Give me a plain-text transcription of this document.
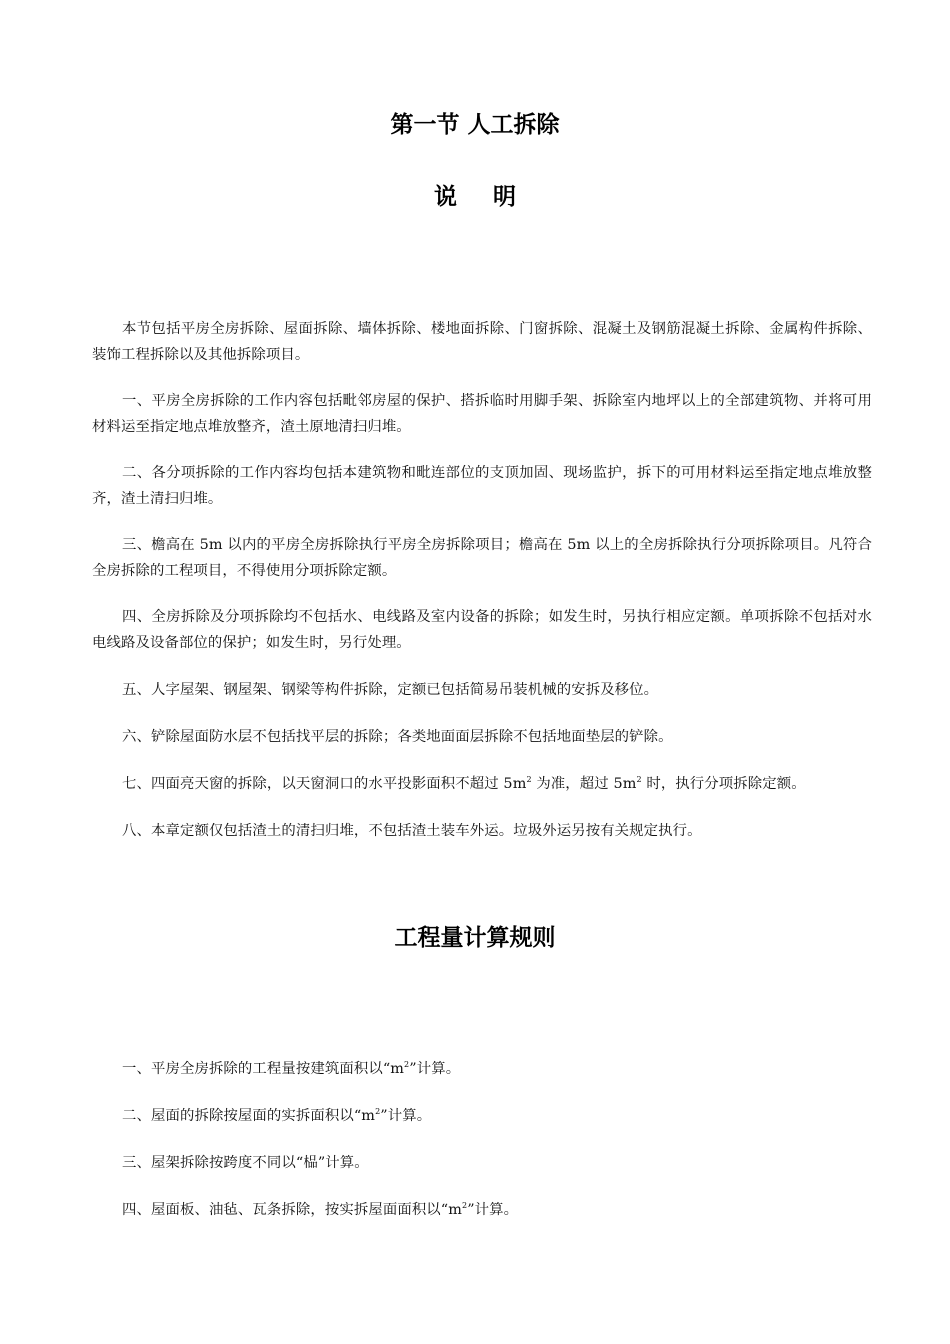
第一节 人工拆除
说 明

本节包括平房全房拆除、屋面拆除、墙体拆除、楼地面拆除、门窗拆除、混凝土及钢筋混凝土拆除、金属构件拆除、装饰工程拆除以及其他拆除项目。

一、平房全房拆除的工作内容包括毗邻房屋的保护、搭拆临时用脚手架、拆除室内地坪以上的全部建筑物、并将可用材料运至指定地点堆放整齐，渣土原地清扫归堆。

二、各分项拆除的工作内容均包括本建筑物和毗连部位的支顶加固、现场监护，拆下的可用材料运至指定地点堆放整齐，渣土清扫归堆。

三、檐高在 5m 以内的平房全房拆除执行平房全房拆除项目；檐高在 5m 以上的全房拆除执行分项拆除项目。凡符合全房拆除的工程项目，不得使用分项拆除定额。

四、全房拆除及分项拆除均不包括水、电线路及室内设备的拆除；如发生时，另执行相应定额。单项拆除不包括对水电线路及设备部位的保护；如发生时，另行处理。

五、人字屋架、钢屋架、钢梁等构件拆除，定额已包括简易吊装机械的安拆及移位。

六、铲除屋面防水层不包括找平层的拆除；各类地面面层拆除不包括地面垫层的铲除。

七、四面亮天窗的拆除，以天窗洞口的水平投影面积不超过 $5m^2$ 为准，超过 $5m^2$ 时，执行分项拆除定额。

八、本章定额仅包括渣土的清扫归堆，不包括渣土装车外运。垃圾外运另按有关规定执行。

工程量计算规则

一、平房全房拆除的工程量按建筑面积以“$m^2$”计算。

二、屋面的拆除按屋面的实拆面积以“$m^2$”计算。

三、屋架拆除按跨度不同以“榀”计算。

四、屋面板、油毡、瓦条拆除，按实拆屋面面积以“$m^2$”计算。
